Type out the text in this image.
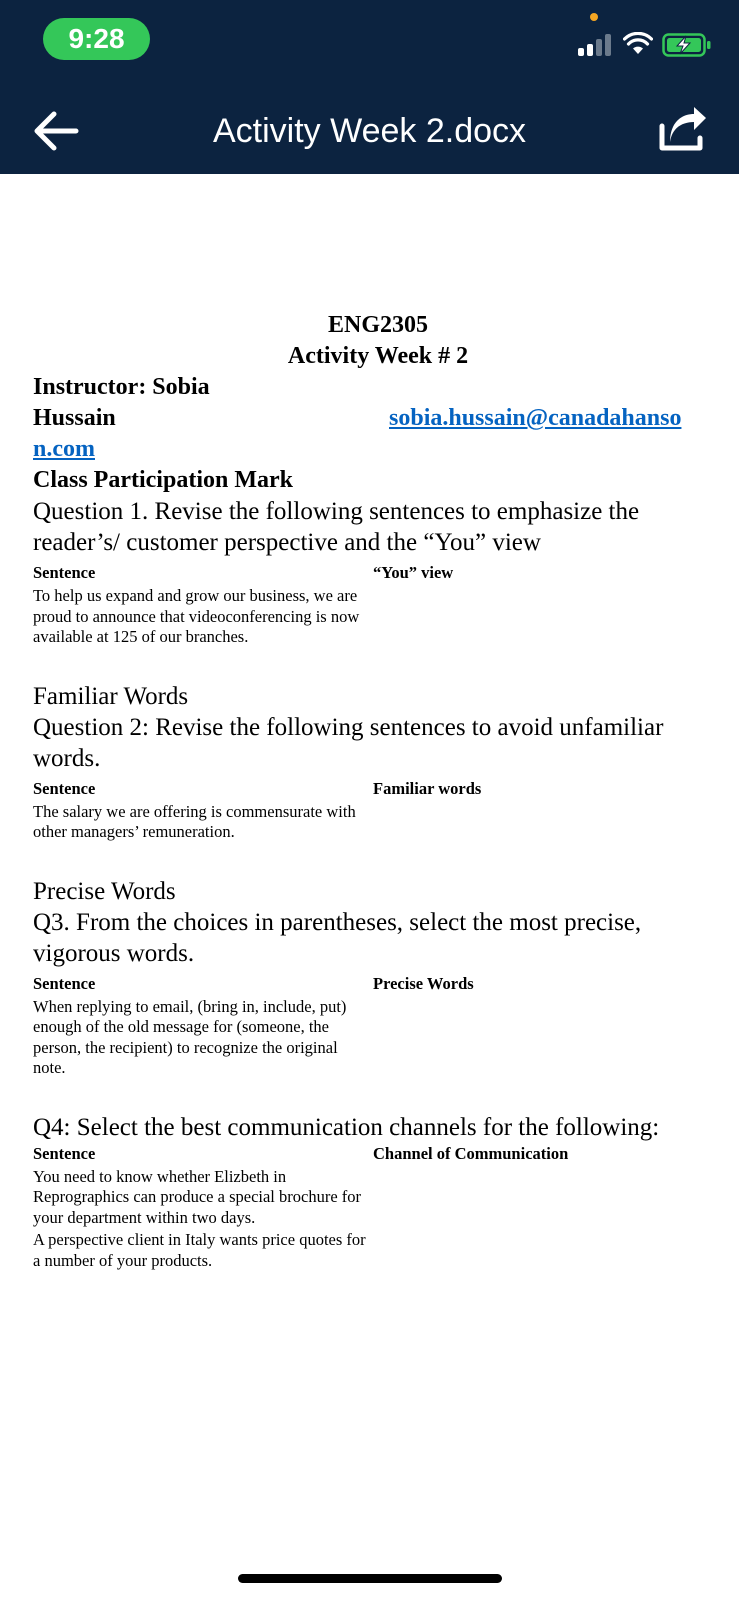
9:28
Activity Week 2.docx
ENG2305
Activity Week # 2
Instructor: Sobia
Hussain	sobia.hussain@canadahanso
n.com
Class Participation Mark
Question 1. Revise the following sentences to emphasize the reader’s/ customer perspective and the “You” view
Sentence	“You” view
To help us expand and grow our business, we are proud to announce that videoconferencing is now available at 125 of our branches.
Familiar Words
Question 2: Revise the following sentences to avoid unfamiliar words.
Sentence	Familiar words
The salary we are offering is commensurate with other managers’ remuneration.
Precise Words
Q3. From the choices in parentheses, select the most precise, vigorous words.
Sentence	Precise Words
When replying to email, (bring in, include, put) enough of the old message for (someone, the person, the recipient) to recognize the original note.
Q4: Select the best communication channels for the following:
Sentence	Channel of Communication
You need to know whether Elizbeth in Reprographics can produce a special brochure for your department within two days.
A perspective client in Italy wants price quotes for a number of your products.
